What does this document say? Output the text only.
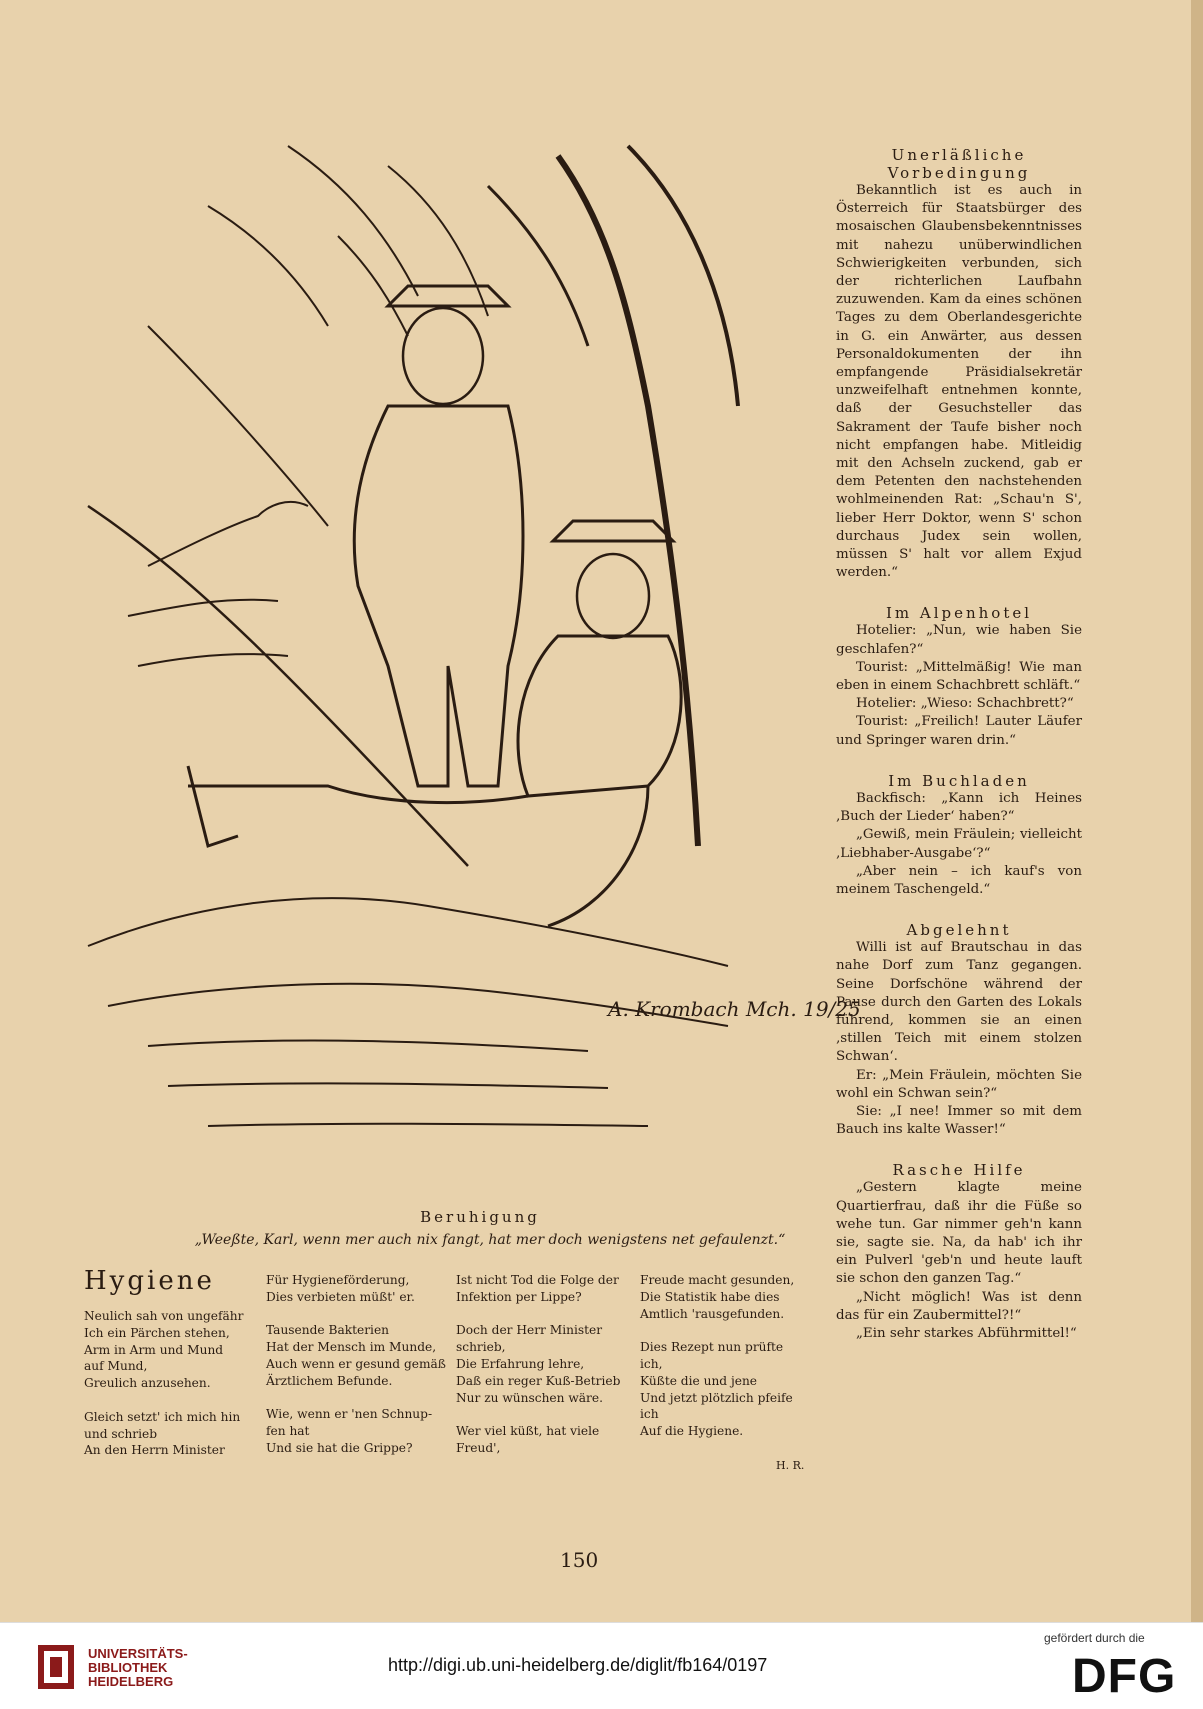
A. Krombach Mch. 19/25

Unerläßliche Vorbedingung

Bekanntlich ist es auch in Österreich für Staatsbürger des mosaischen Glaubensbekenntnisses mit nahezu unüberwindlichen Schwierigkeiten verbunden, sich der richterlichen Laufbahn zuzuwenden. Kam da eines schönen Tages zu dem Oberlandesgerichte in G. ein Anwärter, aus dessen Personaldokumenten der ihn empfangende Präsidialsekretär unzweifelhaft entnehmen konnte, daß der Gesuchsteller das Sakrament der Taufe bisher noch nicht empfangen habe. Mitleidig mit den Achseln zuckend, gab er dem Petenten den nachstehenden wohlmeinenden Rat: „Schau'n S', lieber Herr Doktor, wenn S' schon durchaus Judex sein wollen, müssen S' halt vor allem Exjud werden.“

Im Alpenhotel

Hotelier: „Nun, wie haben Sie geschlafen?“

Tourist: „Mittelmäßig! Wie man eben in einem Schachbrett schläft.“

Hotelier: „Wieso: Schachbrett?“

Tourist: „Freilich! Lauter Läufer und Springer waren drin.“

Im Buchladen

Backfisch: „Kann ich Heines ‚Buch der Lieder‘ haben?“

„Gewiß, mein Fräulein; vielleicht ‚Liebhaber-Ausgabe‘?“

„Aber nein – ich kauf's von meinem Taschengeld.“

Abgelehnt

Willi ist auf Brautschau in das nahe Dorf zum Tanz gegangen. Seine Dorfschöne während der Pause durch den Garten des Lokals führend, kommen sie an einen ‚stillen Teich mit einem stolzen Schwan‘.

Er: „Mein Fräulein, möchten Sie wohl ein Schwan sein?“

Sie: „I nee! Immer so mit dem Bauch ins kalte Wasser!“

Rasche Hilfe

„Gestern klagte meine Quartierfrau, daß ihr die Füße so wehe tun. Gar nimmer geh'n kann sie, sagte sie. Na, da hab' ich ihr ein Pulverl 'geb'n und heute lauft sie schon den ganzen Tag.“

„Nicht möglich! Was ist denn das für ein Zaubermittel?!“

„Ein sehr starkes Abführmittel!“

Beruhigung
„Weeßte, Karl, wenn mer auch nix fangt, hat mer doch wenigstens net gefaulenzt.“
Hygiene
Neulich sah von ungefähr
Ich ein Pärchen stehen,
Arm in Arm und Mund
auf Mund,
Greulich anzusehen.

Gleich setzt' ich mich hin
und schrieb
An den Herrn Minister
Für Hygieneförderung,
Dies verbieten müßt' er.

Tausende Bakterien
Hat der Mensch im Munde,
Auch wenn er gesund gemäß
Ärztlichem Befunde.

Wie, wenn er 'nen Schnup-
fen hat
Und sie hat die Grippe?
Ist nicht Tod die Folge der
Infektion per Lippe?

Doch der Herr Minister
schrieb,
Die Erfahrung lehre,
Daß ein reger Kuß-Betrieb
Nur zu wünschen wäre.

Wer viel küßt, hat viele
Freud',
Freude macht gesunden,
Die Statistik habe dies
Amtlich 'rausgefunden.

Dies Rezept nun prüfte
ich,
Küßte die und jene
Und jetzt plötzlich pfeife
ich
Auf die Hygiene.
H. R.
150
UNIVERSITÄTS-
BIBLIOTHEK
HEIDELBERG
http://digi.ub.uni-heidelberg.de/diglit/fb164/0197
gefördert durch die
DFG
